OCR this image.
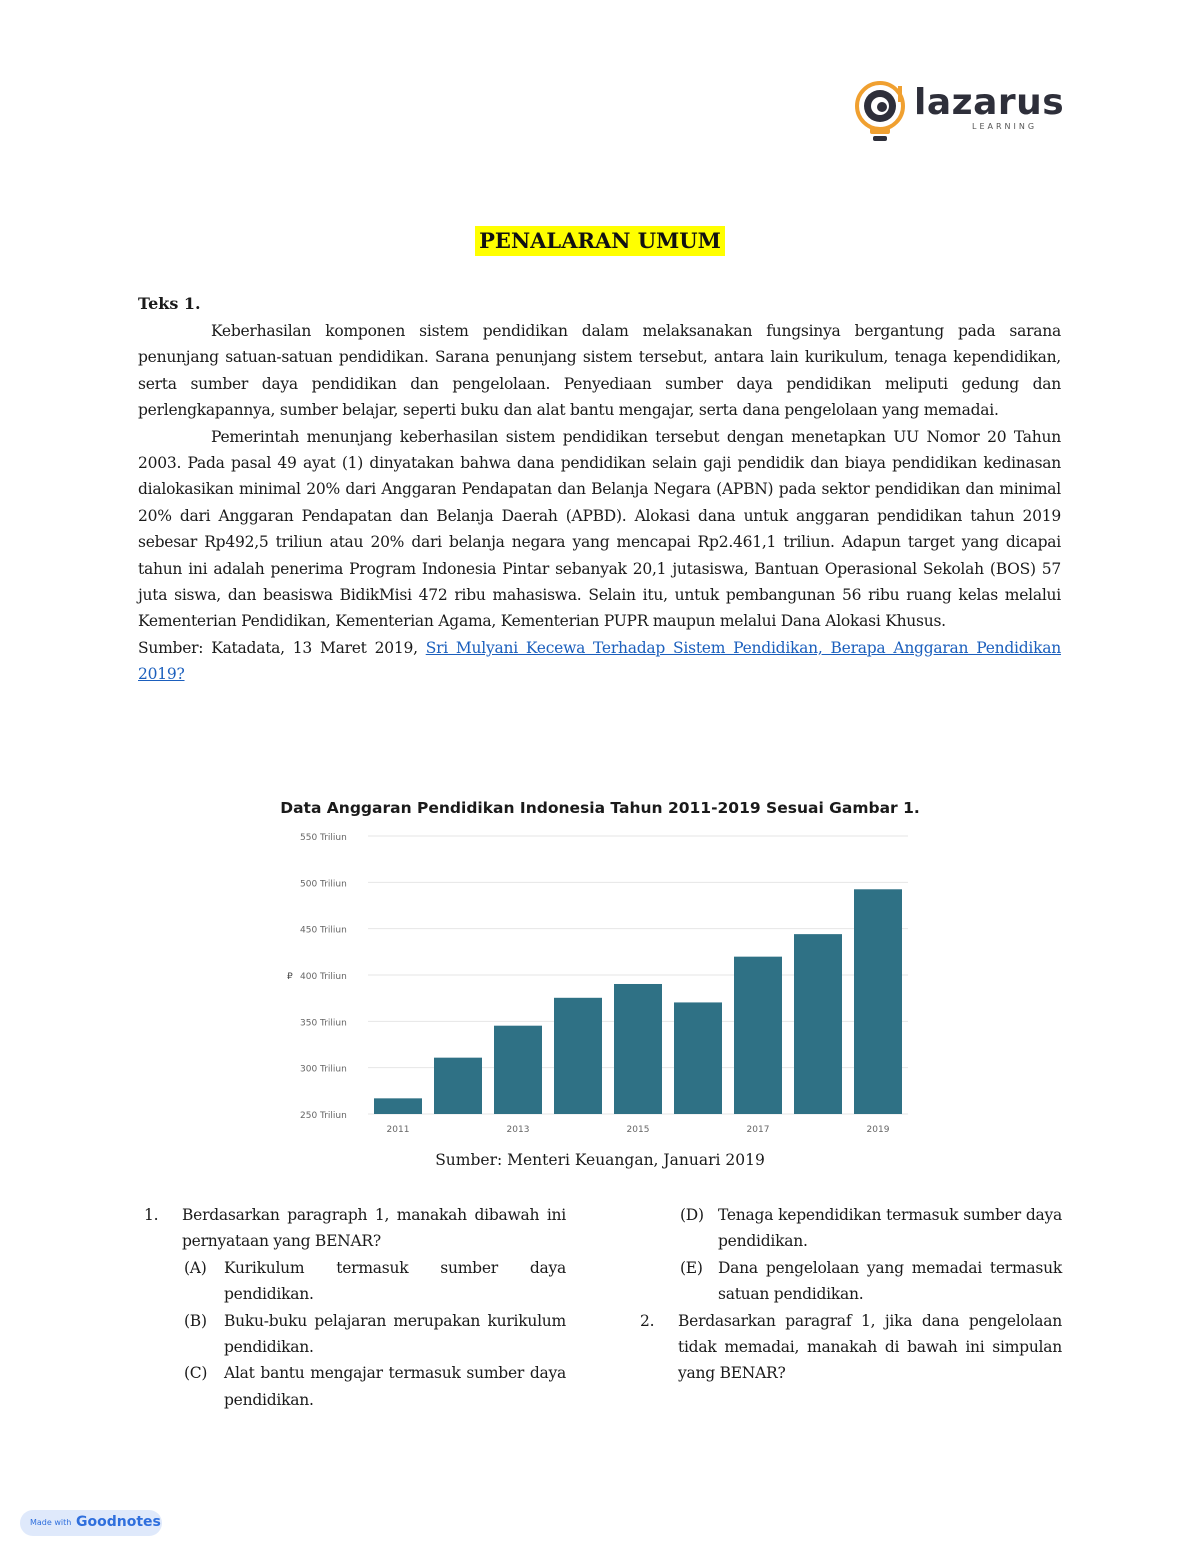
lazarus
LEARNING
PENALARAN UMUM
Teks 1.

Keberhasilan komponen sistem pendidikan dalam melaksanakan fungsinya bergantung pada sarana penunjang satuan-satuan pendidikan. Sarana penunjang sistem tersebut, antara lain kurikulum, tenaga kependidikan, serta sumber daya pendidikan dan pengelolaan. Penyediaan sumber daya pendidikan meliputi gedung dan perlengkapannya, sumber belajar, seperti buku dan alat bantu mengajar, serta dana pengelolaan yang memadai.

Pemerintah menunjang keberhasilan sistem pendidikan tersebut dengan menetapkan UU Nomor 20 Tahun 2003. Pada pasal 49 ayat (1) dinyatakan bahwa dana pendidikan selain gaji pendidik dan biaya pendidikan kedinasan dialokasikan minimal 20% dari Anggaran Pendapatan dan Belanja Negara (APBN) pada sektor pendidikan dan minimal 20% dari Anggaran Pendapatan dan Belanja Daerah (APBD). Alokasi dana untuk anggaran pendidikan tahun 2019 sebesar Rp492,5 triliun atau 20% dari belanja negara yang mencapai Rp2.461,1 triliun. Adapun target yang dicapai tahun ini adalah penerima Program Indonesia Pintar sebanyak 20,1 jutasiswa, Bantuan Operasional Sekolah (BOS) 57 juta siswa, dan beasiswa BidikMisi 472 ribu mahasiswa. Selain itu, untuk pembangunan 56 ribu ruang kelas melalui Kementerian Pendidikan, Kementerian Agama, Kementerian PUPR maupun melalui Dana Alokasi Khusus.

Sumber: Katadata, 13 Maret 2019, Sri Mulyani Kecewa Terhadap Sistem Pendidikan, Berapa Anggaran Pendidikan 2019?

Data Anggaran Pendidikan Indonesia Tahun 2011-2019 Sesuai Gambar 1.
250 Triliun
300 Triliun
350 Triliun
400 Triliun
450 Triliun
500 Triliun
550 Triliun
₽
2011	2013	2015	2017	2019
Sumber: Menteri Keuangan, Januari 2019
1. Berdasarkan paragraph 1, manakah dibawah ini pernyataan yang BENAR?
(A) Kurikulum termasuk sumber daya pendidikan.
(B) Buku-buku pelajaran merupakan kurikulum pendidikan.
(C) Alat bantu mengajar termasuk sumber daya pendidikan.
(D) Tenaga kependidikan termasuk sumber daya pendidikan.
(E) Dana pengelolaan yang memadai termasuk satuan pendidikan.
2. Berdasarkan paragraf 1, jika dana pengelolaan tidak memadai, manakah di bawah ini simpulan yang BENAR?
Made with Goodnotes
